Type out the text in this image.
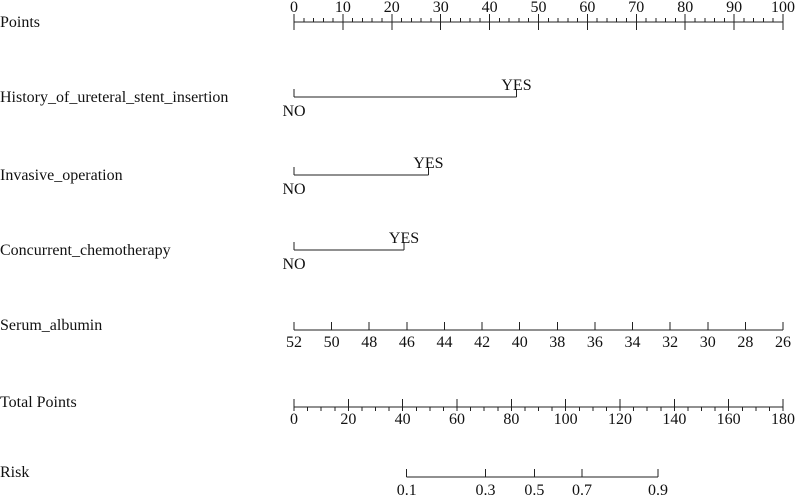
Points
0 10 20 30 40 50 60 70 80 90 100
History_of_ureteral_stent_insertion
NO
YES
Invasive_operation
NO
YES
Concurrent_chemotherapy
NO
YES
Serum_albumin
52 50 48 46 44 42 40 38 36 34 32 30 28 26
Total Points
0	20 40 60 80 100 120 140 160 180
Risk
0.1	0.3 0.5 0.7	0.9
